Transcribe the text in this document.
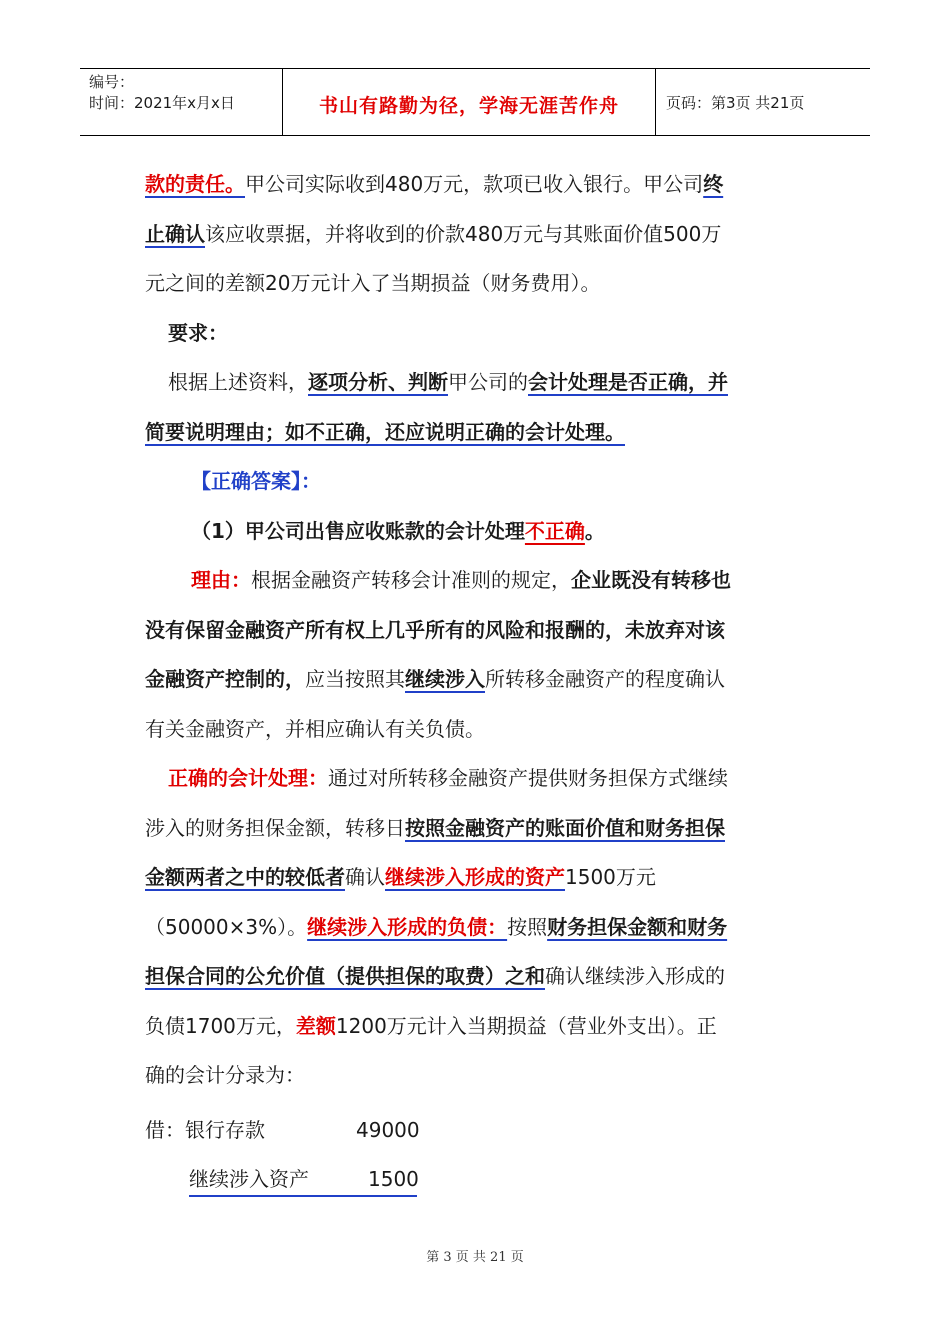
编号：
时间：2021年x月x日	书山有路勤为径，学海无涯苦作舟	页码：第3页 共21页
款的责任。甲公司实际收到480万元，款项已收入银行。甲公司终
止确认该应收票据，并将收到的价款480万元与其账面价值500万
元之间的差额20万元计入了当期损益（财务费用）。
要求：
根据上述资料，逐项分析、判断甲公司的会计处理是否正确，并
简要说明理由；如不正确，还应说明正确的会计处理。
【正确答案】：
（1）甲公司出售应收账款的会计处理不正确。
理由：根据金融资产转移会计准则的规定，企业既没有转移也
没有保留金融资产所有权上几乎所有的风险和报酬的，未放弃对该
金融资产控制的，应当按照其继续涉入所转移金融资产的程度确认
有关金融资产，并相应确认有关负债。
正确的会计处理：通过对所转移金融资产提供财务担保方式继续
涉入的财务担保金额，转移日按照金融资产的账面价值和财务担保
金额两者之中的较低者确认继续涉入形成的资产1500万元
（50000×3%）。继续涉入形成的负债：按照财务担保金额和财务
担保合同的公允价值（提供担保的取费）之和确认继续涉入形成的
负债1700万元，差额1200万元计入当期损益（营业外支出）。正
确的会计分录为：
借：银行存款	49000
继续涉入资产	1500
第 3 页 共 21 页
